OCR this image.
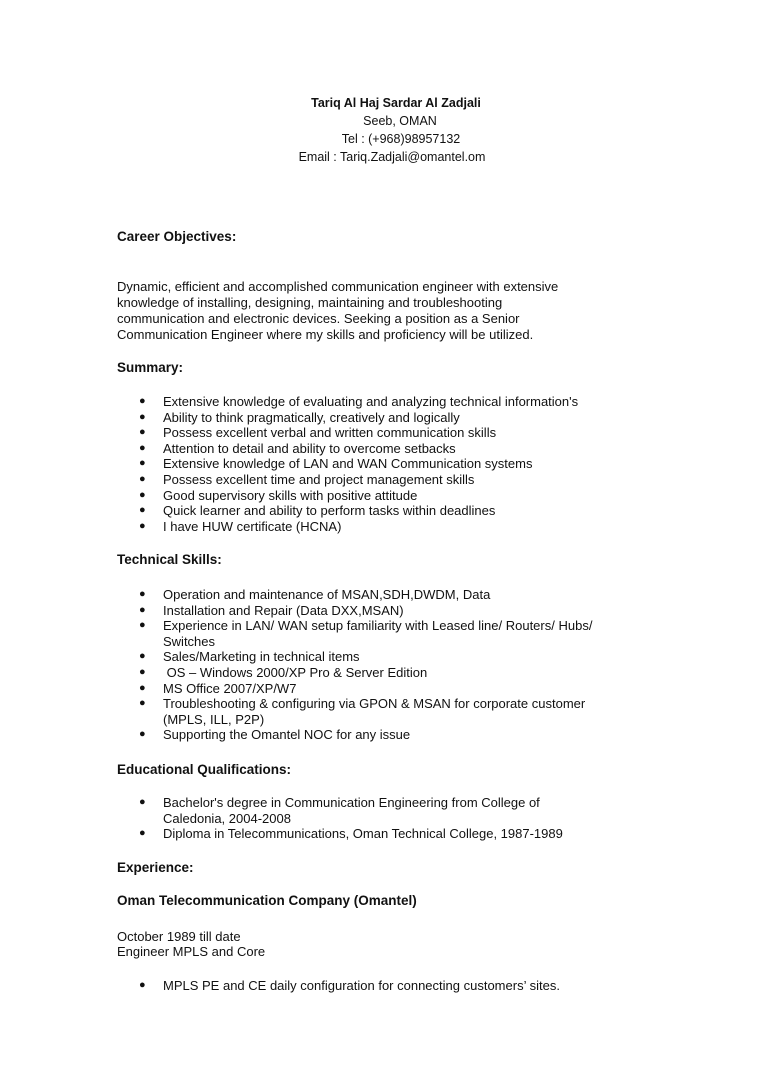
Tariq Al Haj Sardar Al Zadjali
Seeb, OMAN
Tel : (+968)98957132
Email : Tariq.Zadjali@omantel.om
Career Objectives:
Dynamic, efficient and accomplished communication engineer with extensive
knowledge of installing, designing, maintaining and troubleshooting
communication and electronic devices. Seeking a position as a Senior
Communication Engineer where my skills and proficiency will be utilized.
Summary:
● Extensive knowledge of evaluating and analyzing technical information's
● Ability to think pragmatically, creatively and logically
● Possess excellent verbal and written communication skills
● Attention to detail and ability to overcome setbacks
● Extensive knowledge of LAN and WAN Communication systems
● Possess excellent time and project management skills
● Good supervisory skills with positive attitude
● Quick learner and ability to perform tasks within deadlines
● I have HUW certificate (HCNA)
Technical Skills:
● Operation and maintenance of MSAN,SDH,DWDM, Data
● Installation and Repair (Data DXX,MSAN)
● Experience in LAN/ WAN setup familiarity with Leased line/ Routers/ Hubs/
Switches
● Sales/Marketing in technical items
● OS – Windows 2000/XP Pro & Server Edition
● MS Office 2007/XP/W7
● Troubleshooting & configuring via GPON & MSAN for corporate customer
(MPLS, ILL, P2P)
● Supporting the Omantel NOC for any issue
Educational Qualifications:
● Bachelor's degree in Communication Engineering from College of
Caledonia, 2004-2008
● Diploma in Telecommunications, Oman Technical College, 1987-1989
Experience:
Oman Telecommunication Company (Omantel)
October 1989 till date
Engineer MPLS and Core
● MPLS PE and CE daily configuration for connecting customers’ sites.
